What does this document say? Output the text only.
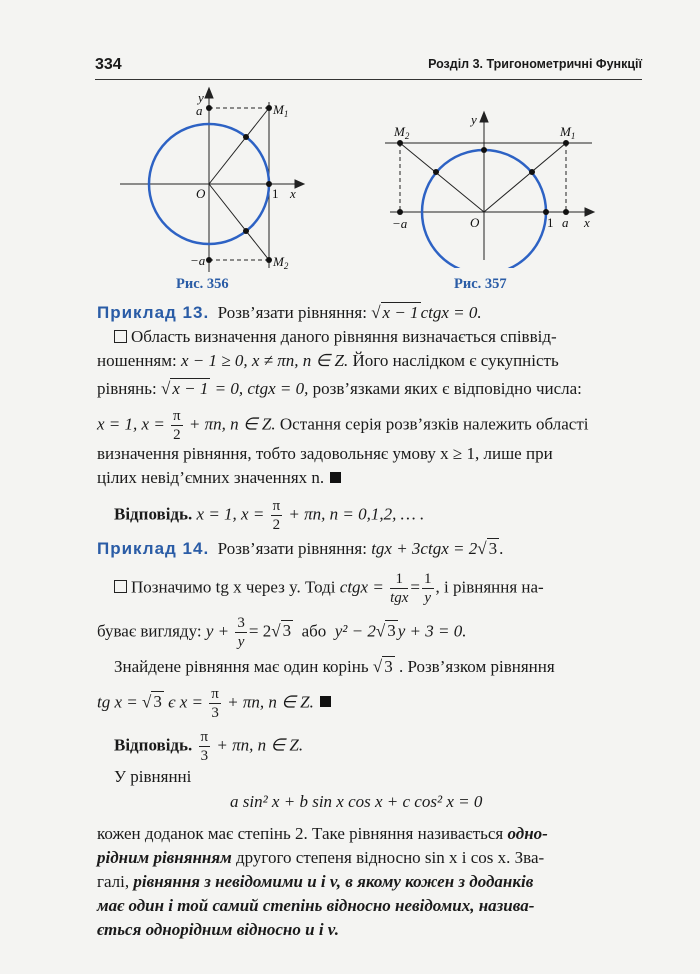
334	Розділ 3. Тригонометричні Функції
y
a	$M_1$
O	1 x
−a	$M_2$
Рис. 356
y
$M_2$	$M_1$
−a	O	1 a x
Рис. 357
Приклад 13. Розв’язати рівняння: √ x − 1 ctgx = 0.
Область визначення даного рівняння визначається співвід-
ношенням: x − 1 ≥ 0, x ≠ πn, n ∈ Z. Його наслідком є сукупність
рівнянь: √ x − 1 = 0, ctgx = 0, розв’язками яких є відповідно числа:
x = 1, $x = \frac{\pi}{2} + \pi n$, n ∈ Z. Остання серія розв’язків належить області
визначення рівняння, тобто задовольняє умову x ≥ 1, лише при
цілих невід’ємних значеннях n.
Відповідь. x = 1, $x = \frac{\pi}{2} + \pi n$, n = 0,1,2, … .
Приклад 14. Розв’язати рівняння: tgx + 3ctgx = 2√ 3 .
Позначимо tg x через y. Тоді ctgx = $\frac{1}{\text{tgx}} = \frac{1}{y}$ , і рівняння на-
буває вигляду: $y + \frac{3}{y} = 2√$ 3 або y² − 2√ 3 y + 3 = 0.
Знайдене рівняння має один корінь √ 3 . Розв’язком рівняння
tg x = √ 3 є $x = \frac{\pi}{3} + \pi n$, n ∈ Z.
Відповідь. $\frac{\pi}{3} + \pi n$, n ∈ Z.
У рівнянні
a sin² x + b sin x cos x + c cos² x = 0
кожен доданок має степінь 2. Таке рівняння називається одно-
рідним рівнянням другого степеня відносно sin x і cos x. Зва-
галі, рівняння з невідомими u і v, в якому кожен з доданків
має один і той самий степінь відносно невідомих, назива-
ється однорідним відносно u і v.
